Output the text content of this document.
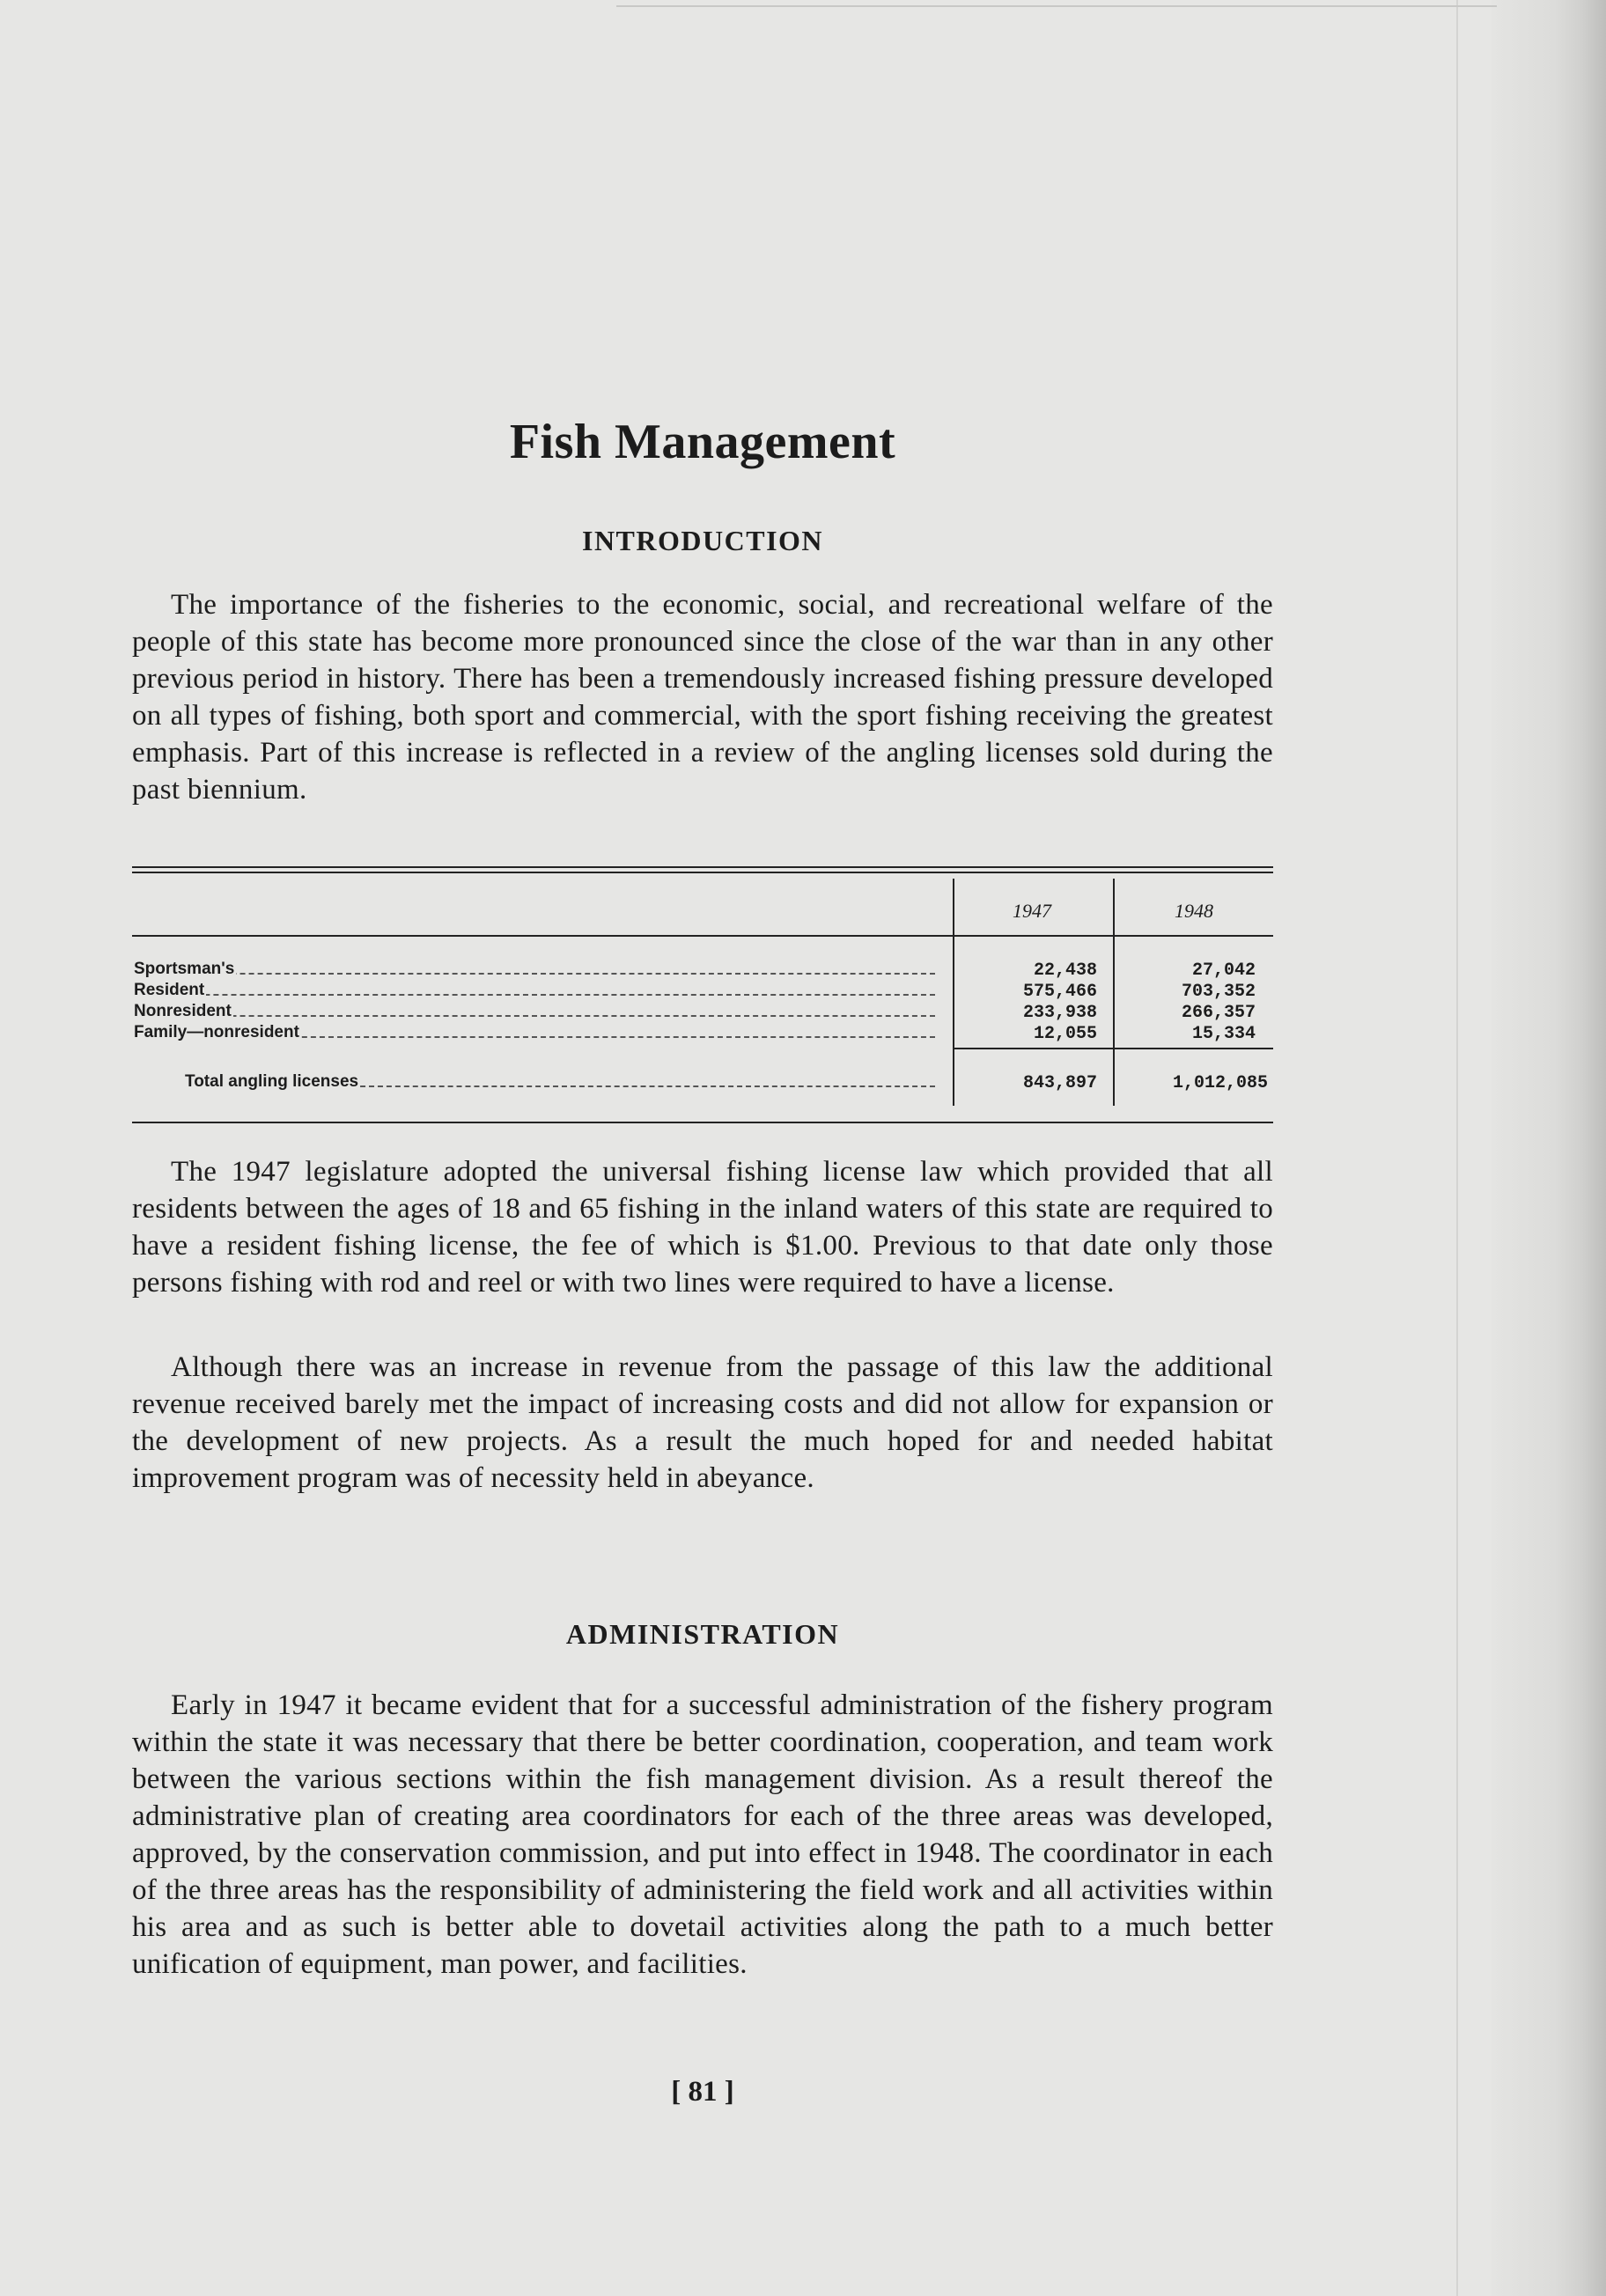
Fish Management
INTRODUCTION

The importance of the fisheries to the economic, social, and recreational welfare of the people of this state has become more pronounced since the close of the war than in any other previous period in history. There has been a tremendously increased fishing pressure developed on all types of fishing, both sport and commercial, with the sport fishing receiving the greatest emphasis. Part of this increase is reflected in a review of the angling licenses sold during the past biennium.

1947	1948
Sportsman's	22,438	27,042
Resident	575,466	703,352
Nonresident	233,938	266,357
Family—nonresident	12,055	15,334
Total angling licenses	843,897	1,012,085

The 1947 legislature adopted the universal fishing license law which provided that all residents between the ages of 18 and 65 fishing in the inland waters of this state are required to have a resident fishing license, the fee of which is $1.00. Previous to that date only those persons fishing with rod and reel or with two lines were required to have a license.

Although there was an increase in revenue from the passage of this law the additional revenue received barely met the impact of increasing costs and did not allow for expansion or the development of new projects. As a result the much hoped for and needed habitat improvement program was of necessity held in abeyance.

ADMINISTRATION

Early in 1947 it became evident that for a successful administration of the fishery program within the state it was necessary that there be better coordination, cooperation, and team work between the various sections within the fish management division. As a result thereof the administrative plan of creating area coordinators for each of the three areas was developed, approved, by the conservation commission, and put into effect in 1948. The coordinator in each of the three areas has the responsibility of administering the field work and all activities within his area and as such is better able to dovetail activities along the path to a much better unification of equipment, man power, and facilities.

[ 81 ]
